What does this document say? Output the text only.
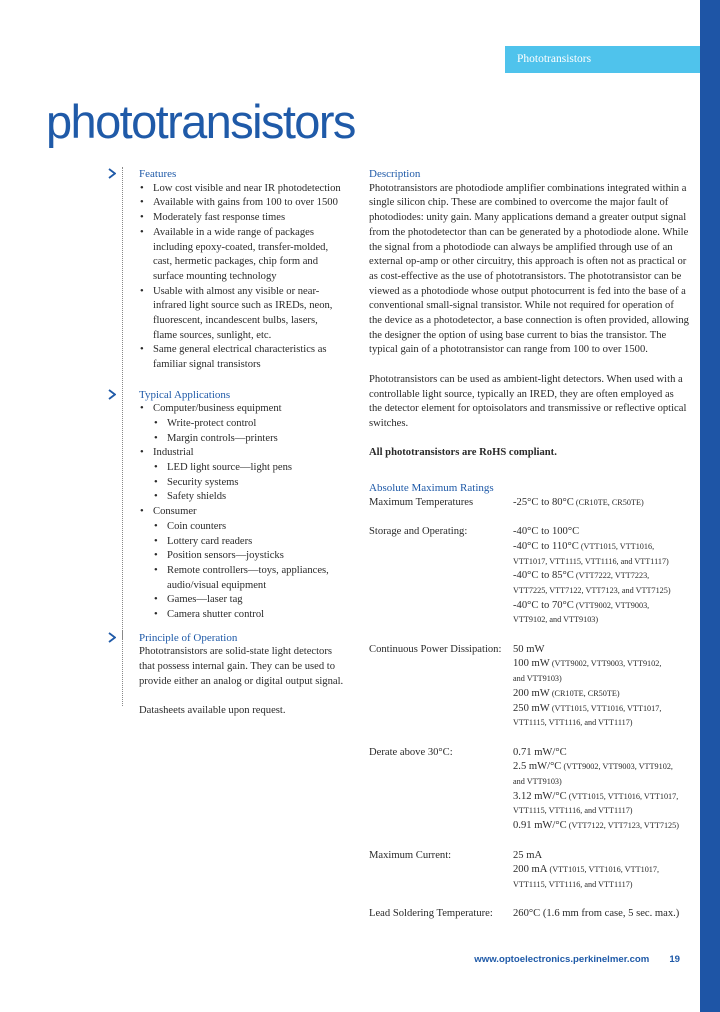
Phototransistors
phototransistors
Features
• Low cost visible and near IR photodetection
• Available with gains from 100 to over 1500
• Moderately fast response times
• Available in a wide range of packages including epoxy-coated, transfer-molded, cast, hermetic packages, chip form and surface mounting technology
• Usable with almost any visible or near-infrared light source such as IREDs, neon, fluorescent, incandescent bulbs, lasers, flame sources, sunlight, etc.
• Same general electrical characteristics as familiar signal transistors
Typical Applications
• Computer/business equipment
• Write-protect control
• Margin controls—printers
• Industrial
• LED light source—light pens
• Security systems
• Safety shields
• Consumer
• Coin counters
• Lottery card readers
• Position sensors—joysticks
• Remote controllers—toys, appliances, audio/visual equipment
• Games—laser tag
• Camera shutter control
Principle of Operation

Phototransistors are solid-state light detectors that possess internal gain. They can be used to provide either an analog or digital output signal.

Datasheets available upon request.

Description

Phototransistors are photodiode amplifier combinations integrated within a single silicon chip. These are combined to overcome the major fault of photodiodes: unity gain. Many applications demand a greater output signal from the photodetector than can be generated by a photodiode alone. While the signal from a photodiode can always be amplified through use of an external op-amp or other circuitry, this approach is often not as practical or as cost-effective as the use of phototransistors. The phototransistor can be viewed as a photodiode whose output photocurrent is fed into the base of a conventional small-signal transistor. While not required for operation of the device as a photodetector, a base connection is often provided, allowing the designer the option of using base current to bias the transistor. The typical gain of a phototransistor can range from 100 to over 1500.

Phototransistors can be used as ambient-light detectors. When used with a controllable light source, typically an IRED, they are often employed as the detector element for optoisolators and transmissive or reflective optical switches.

All phototransistors are RoHS compliant.

Absolute Maximum Ratings
Maximum Temperatures	-25°C to 80°C (CR10TE, CR50TE)
Storage and Operating:	-40°C to 100°C
-40°C to 110°C (VTT1015, VTT1016,
VTT1017, VTT1115, VTT1116, and VTT1117)
-40°C to 85°C (VTT7222, VTT7223,
VTT7225, VTT7122, VTT7123, and VTT7125)
-40°C to 70°C (VTT9002, VTT9003,
VTT9102, and VTT9103)
Continuous Power Dissipation:	50 mW
100 mW (VTT9002, VTT9003, VTT9102,
and VTT9103)
200 mW (CR10TE, CR50TE)
250 mW (VTT1015, VTT1016, VTT1017,
VTT1115, VTT1116, and VTT1117)
Derate above 30°C:	0.71 mW/°C
2.5 mW/°C (VTT9002, VTT9003, VTT9102,
and VTT9103)
3.12 mW/°C (VTT1015, VTT1016, VTT1017,
VTT1115, VTT1116, and VTT1117)
0.91 mW/°C (VTT7122, VTT7123, VTT7125)
Maximum Current:	25 mA
200 mA (VTT1015, VTT1016, VTT1017,
VTT1115, VTT1116, and VTT1117)
Lead Soldering Temperature:	260°C (1.6 mm from case, 5 sec. max.)
www.optoelectronics.perkinelmer.com 19
